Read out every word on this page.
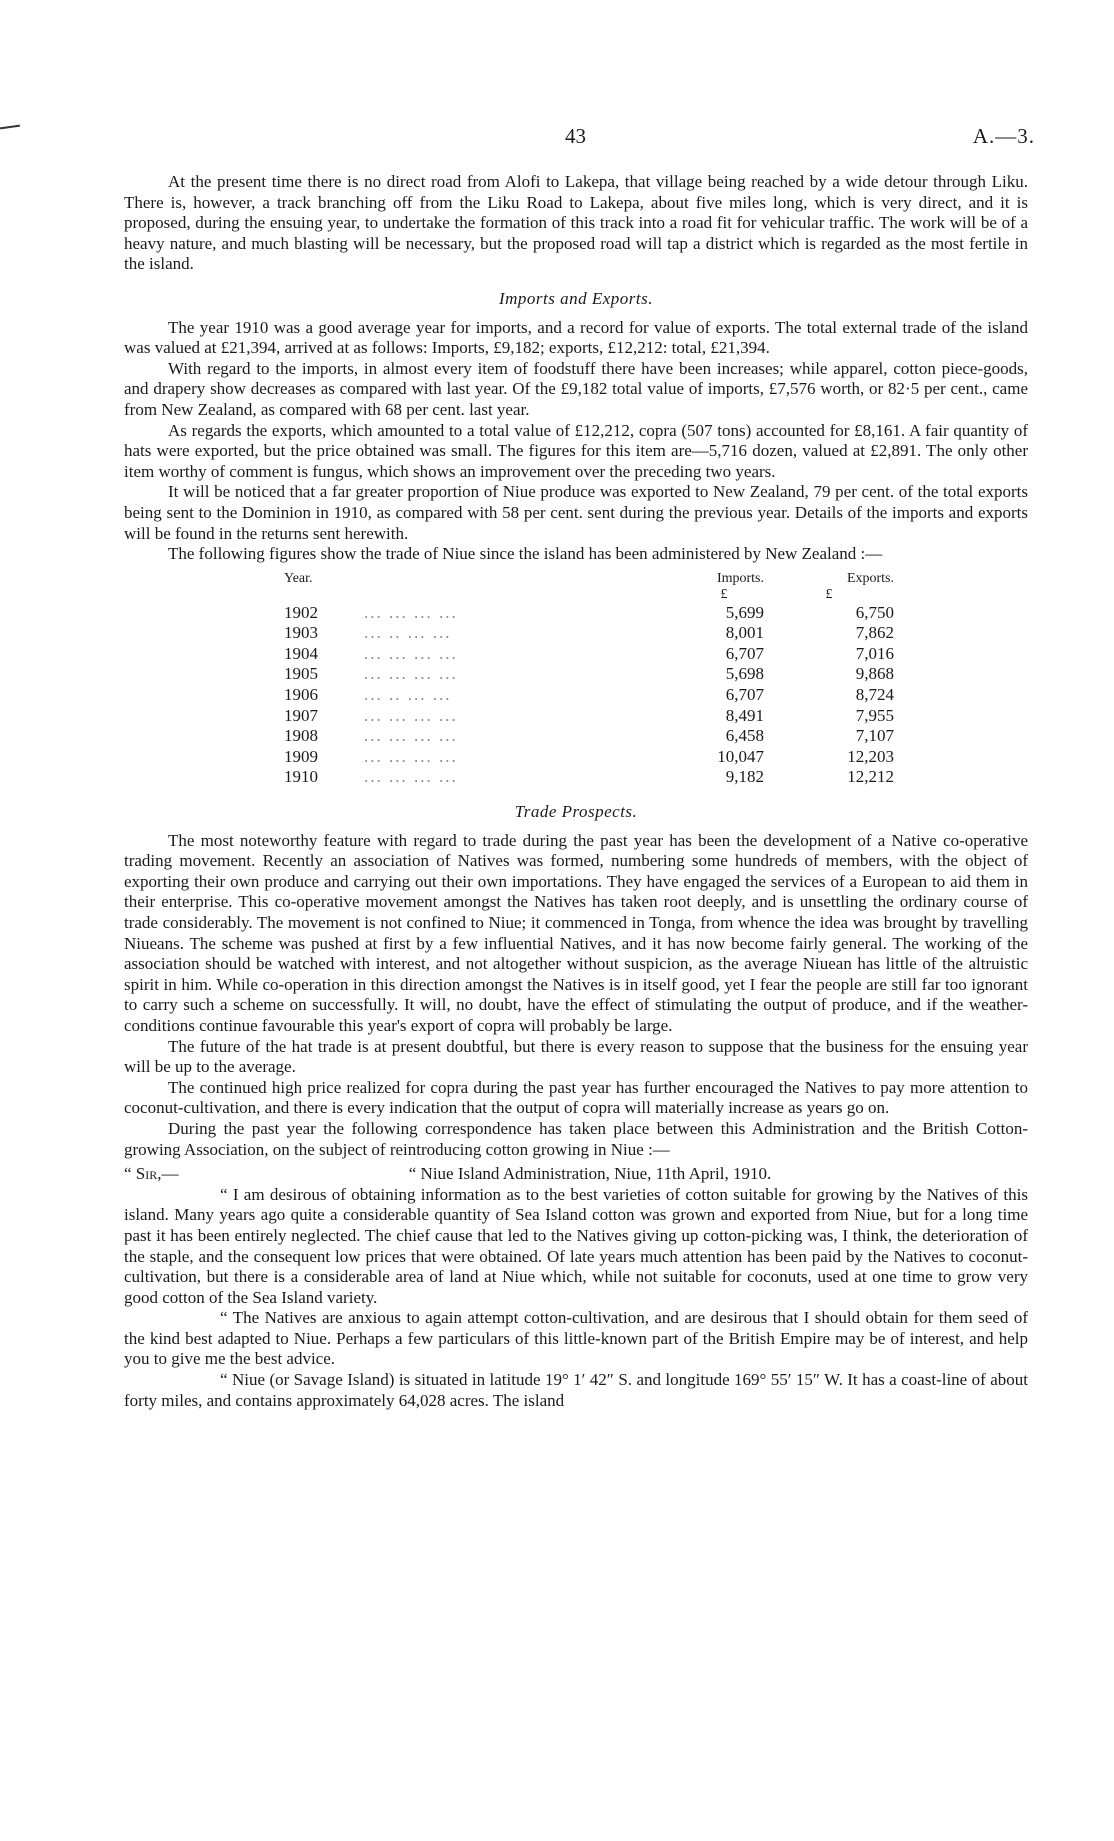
43	A.—3.

At the present time there is no direct road from Alofi to Lakepa, that village being reached by a wide detour through Liku. There is, however, a track branching off from the Liku Road to Lakepa, about five miles long, which is very direct, and it is proposed, during the ensuing year, to undertake the formation of this track into a road fit for vehicular traffic. The work will be of a heavy nature, and much blasting will be necessary, but the proposed road will tap a district which is regarded as the most fertile in the island.

Imports and Exports.

The year 1910 was a good average year for imports, and a record for value of exports. The total external trade of the island was valued at £21,394, arrived at as follows: Imports, £9,182; exports, £12,212: total, £21,394.

With regard to the imports, in almost every item of foodstuff there have been increases; while apparel, cotton piece-goods, and drapery show decreases as compared with last year. Of the £9,182 total value of imports, £7,576 worth, or 82·5 per cent., came from New Zealand, as compared with 68 per cent. last year.

As regards the exports, which amounted to a total value of £12,212, copra (507 tons) accounted for £8,161. A fair quantity of hats were exported, but the price obtained was small. The figures for this item are—5,716 dozen, valued at £2,891. The only other item worthy of comment is fungus, which shows an improvement over the preceding two years.

It will be noticed that a far greater proportion of Niue produce was exported to New Zealand, 79 per cent. of the total exports being sent to the Dominion in 1910, as compared with 58 per cent. sent during the previous year. Details of the imports and exports will be found in the returns sent herewith.

The following figures show the trade of Niue since the island has been administered by New Zealand :—

Year.		Imports.	Exports.
		£	£
1902	... ... ... ...	5,699	6,750
1903	... .. ... ...	8,001	7,862
1904	... ... ... ...	6,707	7,016
1905	... ... ... ...	5,698	9,868
1906	... .. ... ...	6,707	8,724
1907	... ... ... ...	8,491	7,955
1908	... ... ... ...	6,458	7,107
1909	... ... ... ...	10,047	12,203
1910	... ... ... ...	9,182	12,212
Trade Prospects.

The most noteworthy feature with regard to trade during the past year has been the development of a Native co-operative trading movement. Recently an association of Natives was formed, numbering some hundreds of members, with the object of exporting their own produce and carrying out their own importations. They have engaged the services of a European to aid them in their enterprise. This co-operative movement amongst the Natives has taken root deeply, and is unsettling the ordinary course of trade considerably. The movement is not confined to Niue; it commenced in Tonga, from whence the idea was brought by travelling Niueans. The scheme was pushed at first by a few influential Natives, and it has now become fairly general. The working of the association should be watched with interest, and not altogether without suspicion, as the average Niuean has little of the altruistic spirit in him. While co-operation in this direction amongst the Natives is in itself good, yet I fear the people are still far too ignorant to carry such a scheme on successfully. It will, no doubt, have the effect of stimulating the output of produce, and if the weather-conditions continue favourable this year's export of copra will probably be large.

The future of the hat trade is at present doubtful, but there is every reason to suppose that the business for the ensuing year will be up to the average.

The continued high price realized for copra during the past year has further encouraged the Natives to pay more attention to coconut-cultivation, and there is every indication that the output of copra will materially increase as years go on.

During the past year the following correspondence has taken place between this Administration and the British Cotton-growing Association, on the subject of reintroducing cotton growing in Niue :—

“ Sir,—	“ Niue Island Administration, Niue, 11th April, 1910.

“ I am desirous of obtaining information as to the best varieties of cotton suitable for growing by the Natives of this island. Many years ago quite a considerable quantity of Sea Island cotton was grown and exported from Niue, but for a long time past it has been entirely neglected. The chief cause that led to the Natives giving up cotton-picking was, I think, the deterioration of the staple, and the consequent low prices that were obtained. Of late years much attention has been paid by the Natives to coconut-cultivation, but there is a considerable area of land at Niue which, while not suitable for coconuts, used at one time to grow very good cotton of the Sea Island variety.

“ The Natives are anxious to again attempt cotton-cultivation, and are desirous that I should obtain for them seed of the kind best adapted to Niue. Perhaps a few particulars of this little-known part of the British Empire may be of interest, and help you to give me the best advice.

“ Niue (or Savage Island) is situated in latitude 19° 1′ 42″ S. and longitude 169° 55′ 15″ W. It has a coast-line of about forty miles, and contains approximately 64,028 acres. The island
